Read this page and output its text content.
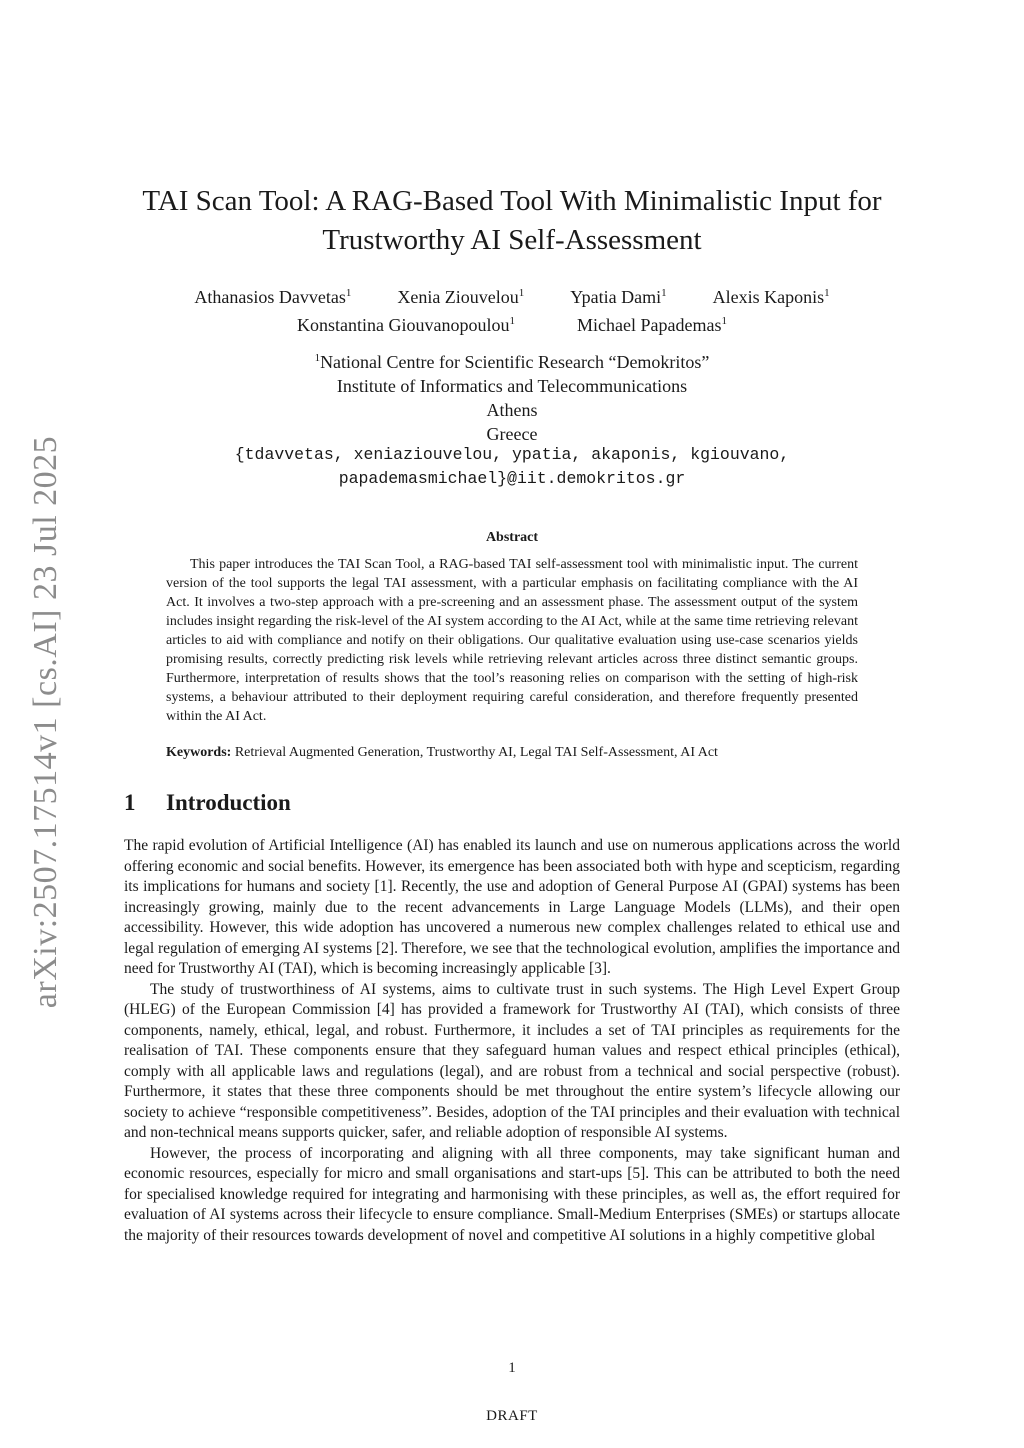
arXiv:2507.17514v1 [cs.AI] 23 Jul 2025
TAI Scan Tool: A RAG-Based Tool With Minimalistic Input for
Trustworthy AI Self-Assessment
Athanasios Davvetas$^1$	Xenia Ziouvelou$^1$	Ypatia Dami$^1$	Alexis Kaponis$^1$
Konstantina Giouvanopoulou$^1$	Michael Papademas$^1$
$^1$National Centre for Scientific Research “Demokritos”
Institute of Informatics and Telecommunications
Athens
Greece
{tdavvetas, xeniaziouvelou, ypatia, akaponis, kgiouvano,
papademasmichael}@iit.demokritos.gr
Abstract

This paper introduces the TAI Scan Tool, a RAG-based TAI self-assessment tool with minimalistic input. The current version of the tool supports the legal TAI assessment, with a particular emphasis on facilitating compliance with the AI Act. It involves a two-step approach with a pre-screening and an assessment phase. The assessment output of the system includes insight regarding the risk-level of the AI system according to the AI Act, while at the same time retrieving relevant articles to aid with compliance and notify on their obligations. Our qualitative evaluation using use-case scenarios yields promising results, correctly predicting risk levels while retrieving relevant articles across three distinct semantic groups. Furthermore, interpretation of results shows that the tool’s reasoning relies on comparison with the setting of high-risk systems, a behaviour attributed to their deployment requiring careful consideration, and therefore frequently presented within the AI Act.

Keywords: Retrieval Augmented Generation, Trustworthy AI, Legal TAI Self-Assessment, AI Act

1 Introduction

The rapid evolution of Artificial Intelligence (AI) has enabled its launch and use on numerous applications across the world offering economic and social benefits. However, its emergence has been associated both with hype and scepticism, regarding its implications for humans and society [1]. Recently, the use and adoption of General Purpose AI (GPAI) systems has been increasingly growing, mainly due to the recent advancements in Large Language Models (LLMs), and their open accessibility. However, this wide adoption has uncovered a numerous new complex challenges related to ethical use and legal regulation of emerging AI systems [2]. Therefore, we see that the technological evolution, amplifies the importance and need for Trustworthy AI (TAI), which is becoming increasingly applicable [3].

The study of trustworthiness of AI systems, aims to cultivate trust in such systems. The High Level Expert Group (HLEG) of the European Commission [4] has provided a framework for Trustworthy AI (TAI), which consists of three components, namely, ethical, legal, and robust. Furthermore, it includes a set of TAI principles as requirements for the realisation of TAI. These components ensure that they safeguard human values and respect ethical principles (ethical), comply with all applicable laws and regulations (legal), and are robust from a technical and social perspective (robust). Furthermore, it states that these three components should be met throughout the entire system’s lifecycle allowing our society to achieve “responsible competitiveness”. Besides, adoption of the TAI principles and their evaluation with technical and non-technical means supports quicker, safer, and reliable adoption of responsible AI systems.

However, the process of incorporating and aligning with all three components, may take significant human and economic resources, especially for micro and small organisations and start-ups [5]. This can be attributed to both the need for specialised knowledge required for integrating and harmonising with these principles, as well as, the effort required for evaluation of AI systems across their lifecycle to ensure compliance. Small-Medium Enterprises (SMEs) or startups allocate the majority of their resources towards development of novel and competitive AI solutions in a highly competitive global

1
DRAFT
